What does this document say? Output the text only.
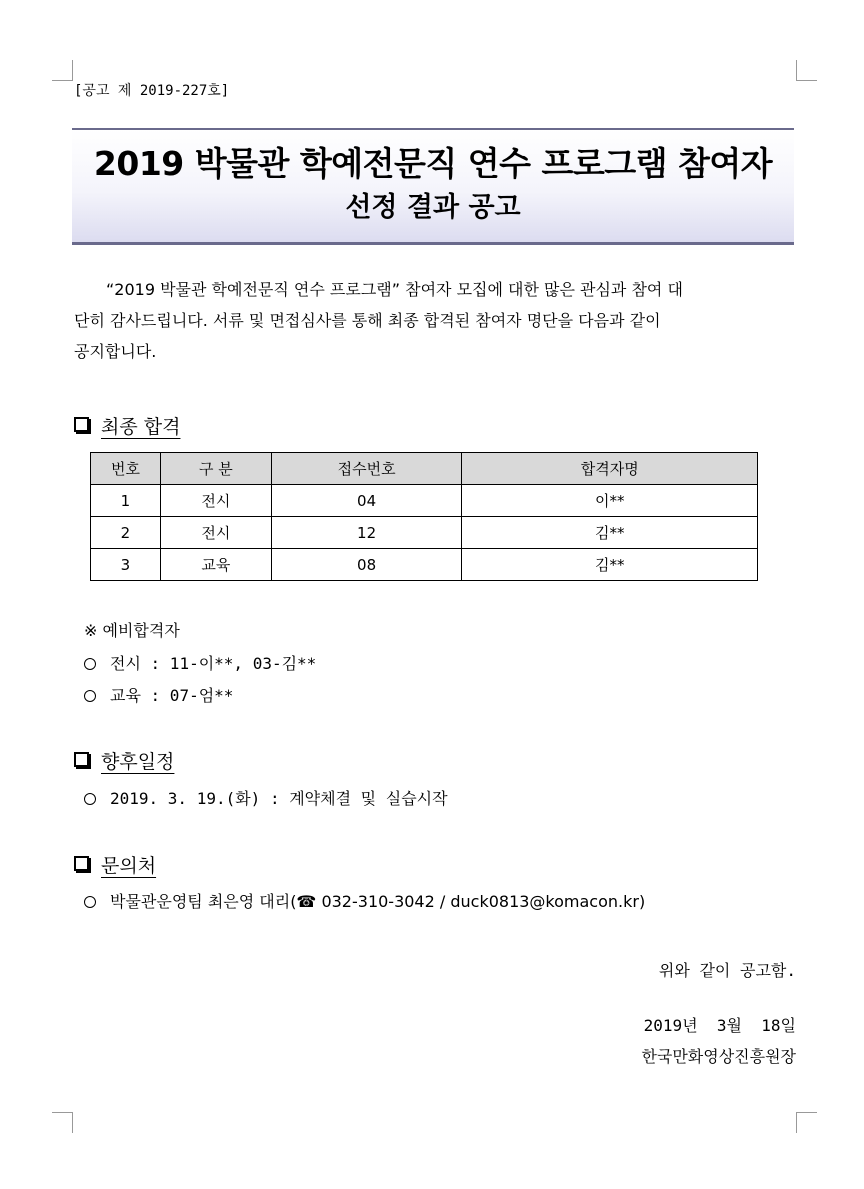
[공고 제 2019-227호]
2019 박물관 학예전문직 연수 프로그램 참여자
선정 결과 공고
“2019 박물관 학예전문직 연수 프로그램” 참여자 모집에 대한 많은 관심과 참여 대
단히 감사드립니다. 서류 및 면접심사를 통해 최종 합격된 참여자 명단을 다음과 같이
공지합니다.
최종 합격
번호	구 분	접수번호	합격자명
1	전시	04	이**
2	전시	12	김**
3	교육	08	김**
※ 예비합격자
전시 : 11-이**, 03-김**
교육 : 07-엄**
향후일정
2019. 3. 19.(화) : 계약체결 및 실습시작
문의처
박물관운영팀 최은영 대리(☎ 032-310-3042 / duck0813@komacon.kr)
위와 같이 공고함.
2019년  3월  18일
한국만화영상진흥원장
